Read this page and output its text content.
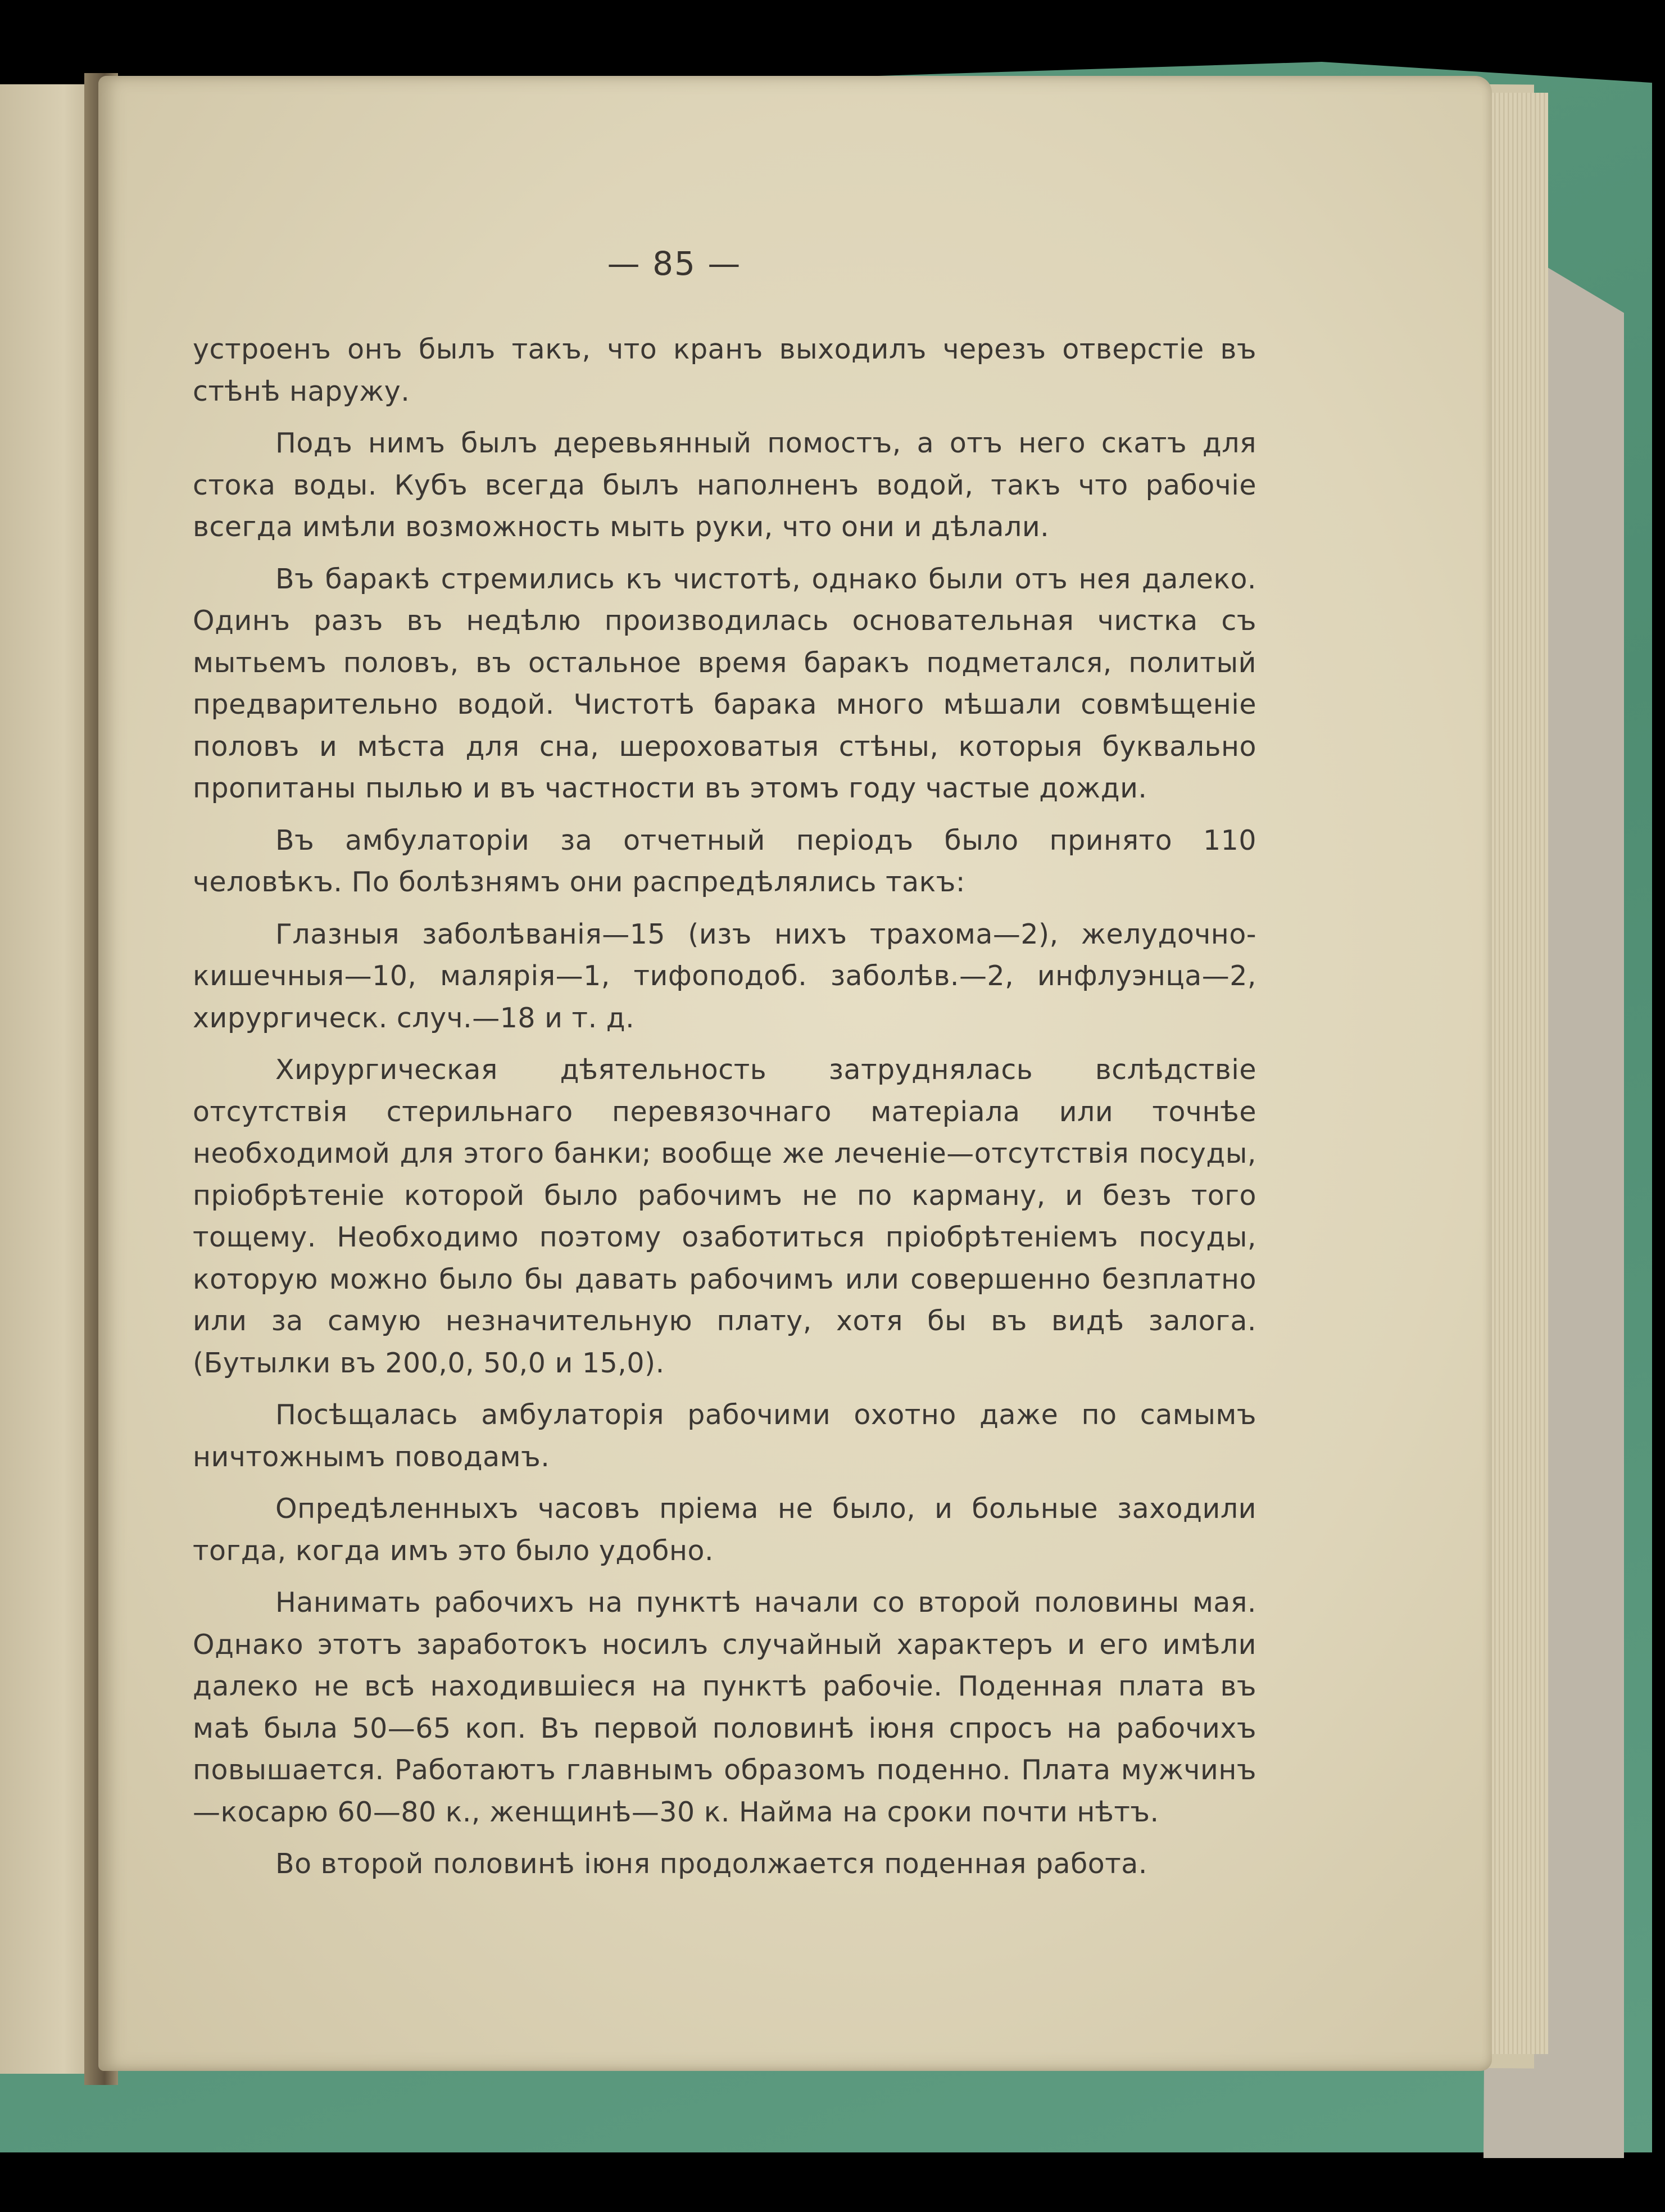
— 85 —

устроенъ онъ былъ такъ, что кранъ выходилъ черезъ отверстіе въ стѣнѣ наружу.

Подъ нимъ былъ деревьянный помостъ, а отъ него скатъ для стока воды. Кубъ всегда былъ наполненъ водой, такъ что рабочіе всегда имѣли возможность мыть руки, что они и дѣлали.

Въ баракѣ стремились къ чистотѣ, однако были отъ нея далеко. Одинъ разъ въ недѣлю производилась основательная чистка съ мытьемъ половъ, въ остальное время баракъ подметался, политый предварительно водой. Чистотѣ барака много мѣшали совмѣщеніе половъ и мѣста для сна, шероховатыя стѣны, которыя буквально пропитаны пылью и въ частности въ этомъ году частые дожди.

Въ амбулаторіи за отчетный періодъ было принято 110 человѣкъ. По болѣзнямъ они распредѣлялись такъ:

Глазныя заболѣванія—15 (изъ нихъ трахома—2), желудочно-кишечныя—10, малярія—1, тифоподоб. заболѣв.—2, инфлуэнца—2, хирургическ. случ.—18 и т. д.

Хирургическая дѣятельность затруднялась вслѣдствіе отсутствія стерильнаго перевязочнаго матеріала или точнѣе необходимой для этого банки; вообще же леченіе—отсутствія посуды, пріобрѣтеніе которой было рабочимъ не по карману, и безъ того тощему. Необходимо поэтому озаботиться пріобрѣтеніемъ посуды, которую можно было бы давать рабочимъ или совершенно безплатно или за самую незначительную плату, хотя бы въ видѣ залога. (Бутылки въ 200,0, 50,0 и 15,0).

Посѣщалась амбулаторія рабочими охотно даже по самымъ ничтожнымъ поводамъ.

Опредѣленныхъ часовъ пріема не было, и больные заходили тогда, когда имъ это было удобно.

Нанимать рабочихъ на пунктѣ начали со второй половины мая. Однако этотъ заработокъ носилъ случайный характеръ и его имѣли далеко не всѣ находившіеся на пунктѣ рабочіе. Поденная плата въ маѣ была 50—65 коп. Въ первой половинѣ іюня спросъ на рабочихъ повышается. Работаютъ главнымъ образомъ поденно. Плата мужчинъ—косарю 60—80 к., женщинѣ—30 к. Найма на сроки почти нѣтъ.

Во второй половинѣ іюня продолжается поденная работа.
